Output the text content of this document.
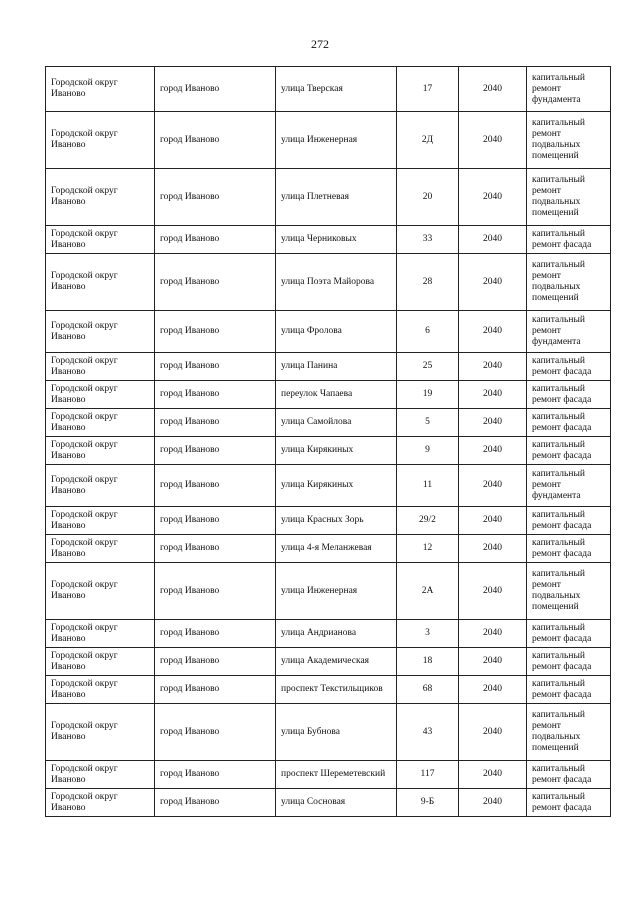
272
Городской округ Иваново	город Иваново	улица Тверская	17	2040	капитальный ремонт фундамента
Городской округ Иваново	город Иваново	улица Инженерная	2Д	2040	капитальный ремонт подвальных помещений
Городской округ Иваново	город Иваново	улица Плетневая	20	2040	капитальный ремонт подвальных помещений
Городской округ Иваново	город Иваново	улица Черниковых	33	2040	капитальный ремонт фасада
Городской округ Иваново	город Иваново	улица Поэта Майорова	28	2040	капитальный ремонт подвальных помещений
Городской округ Иваново	город Иваново	улица Фролова	6	2040	капитальный ремонт фундамента
Городской округ Иваново	город Иваново	улица Панина	25	2040	капитальный ремонт фасада
Городской округ Иваново	город Иваново	переулок Чапаева	19	2040	капитальный ремонт фасада
Городской округ Иваново	город Иваново	улица Самойлова	5	2040	капитальный ремонт фасада
Городской округ Иваново	город Иваново	улица Кирякиных	9	2040	капитальный ремонт фасада
Городской округ Иваново	город Иваново	улица Кирякиных	11	2040	капитальный ремонт фундамента
Городской округ Иваново	город Иваново	улица Красных Зорь	29/2	2040	капитальный ремонт фасада
Городской округ Иваново	город Иваново	улица 4-я Меланжевая	12	2040	капитальный ремонт фасада
Городской округ Иваново	город Иваново	улица Инженерная	2А	2040	капитальный ремонт подвальных помещений
Городской округ Иваново	город Иваново	улица Андрианова	3	2040	капитальный ремонт фасада
Городской округ Иваново	город Иваново	улица Академическая	18	2040	капитальный ремонт фасада
Городской округ Иваново	город Иваново	проспект Текстильщиков	68	2040	капитальный ремонт фасада
Городской округ Иваново	город Иваново	улица Бубнова	43	2040	капитальный ремонт подвальных помещений
Городской округ Иваново	город Иваново	проспект Шереметевский	117	2040	капитальный ремонт фасада
Городской округ Иваново	город Иваново	улица Сосновая	9-Б	2040	капитальный ремонт фасада
